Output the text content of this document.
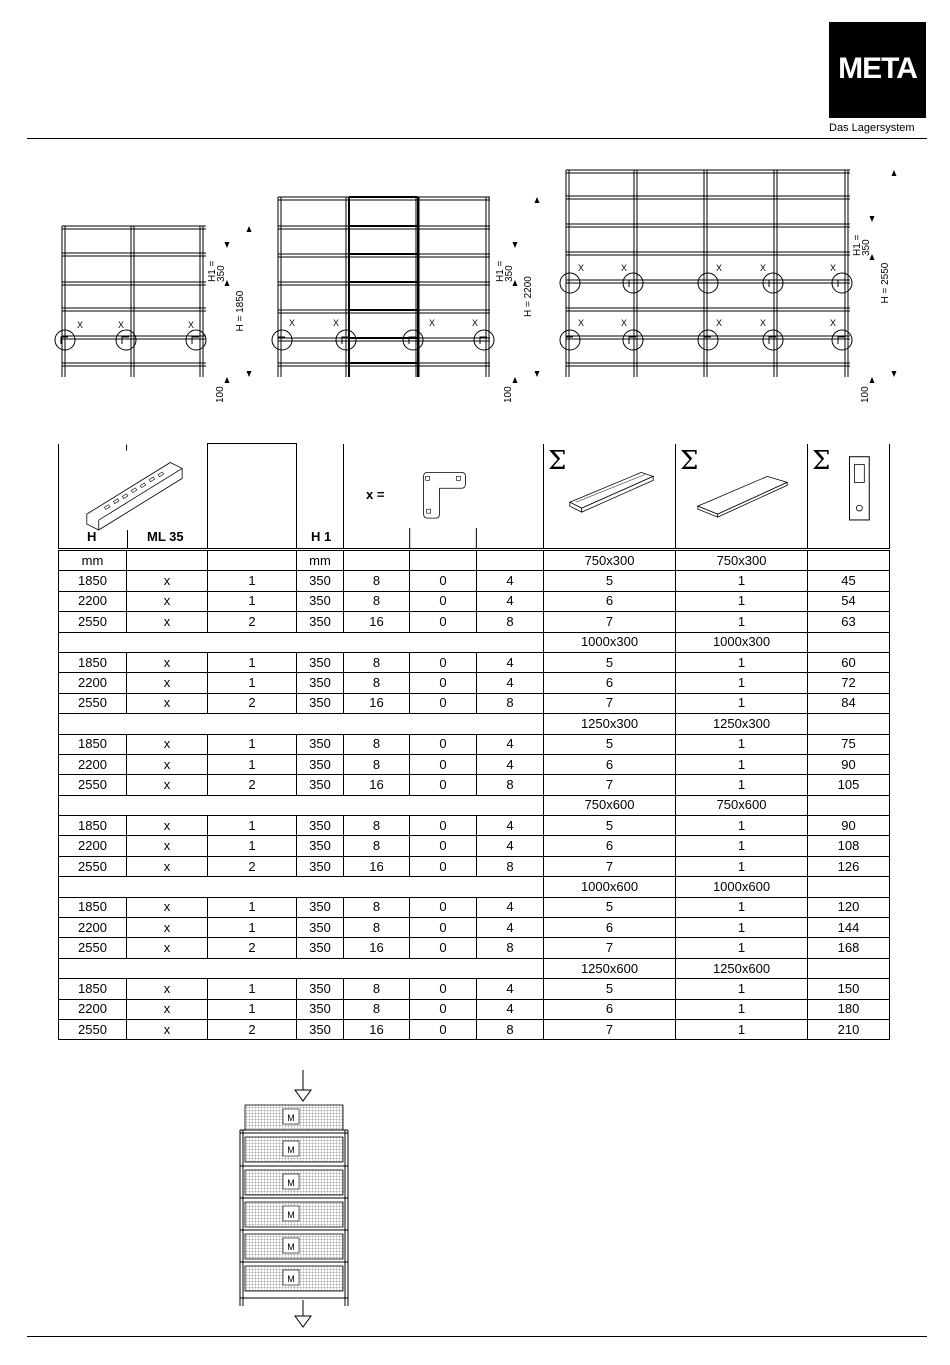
META
Das Lagersystem
X	X	X	X	X	X	X
X	X	X	X	X
X	X	X	X	X
H = 1850
H1 =
350
100
H = 2200
H1 =
350
100
H = 2550
H1 =
350
100
H ML 35			H 1	x =			Σ	Σ	Σ

mm			mm				750x300	750x300	
1850	x	1	350	8	0	4	5	1	45
2200	x	1	350	8	0	4	6	1	54
2550	x	2	350	16	0	8	7	1	63
							1000x300	1000x300	
1850	x	1	350	8	0	4	5	1	60
2200	x	1	350	8	0	4	6	1	72
2550	x	2	350	16	0	8	7	1	84
							1250x300	1250x300	
1850	x	1	350	8	0	4	5	1	75
2200	x	1	350	8	0	4	6	1	90
2550	x	2	350	16	0	8	7	1	105
							750x600	750x600	
1850	x	1	350	8	0	4	5	1	90
2200	x	1	350	8	0	4	6	1	108
2550	x	2	350	16	0	8	7	1	126
							1000x600	1000x600	
1850	x	1	350	8	0	4	5	1	120
2200	x	1	350	8	0	4	6	1	144
2550	x	2	350	16	0	8	7	1	168
							1250x600	1250x600	
1850	x	1	350	8	0	4	5	1	150
2200	x	1	350	8	0	4	6	1	180
2550	x	2	350	16	0	8	7	1	210
M
M
M
M
M
M
